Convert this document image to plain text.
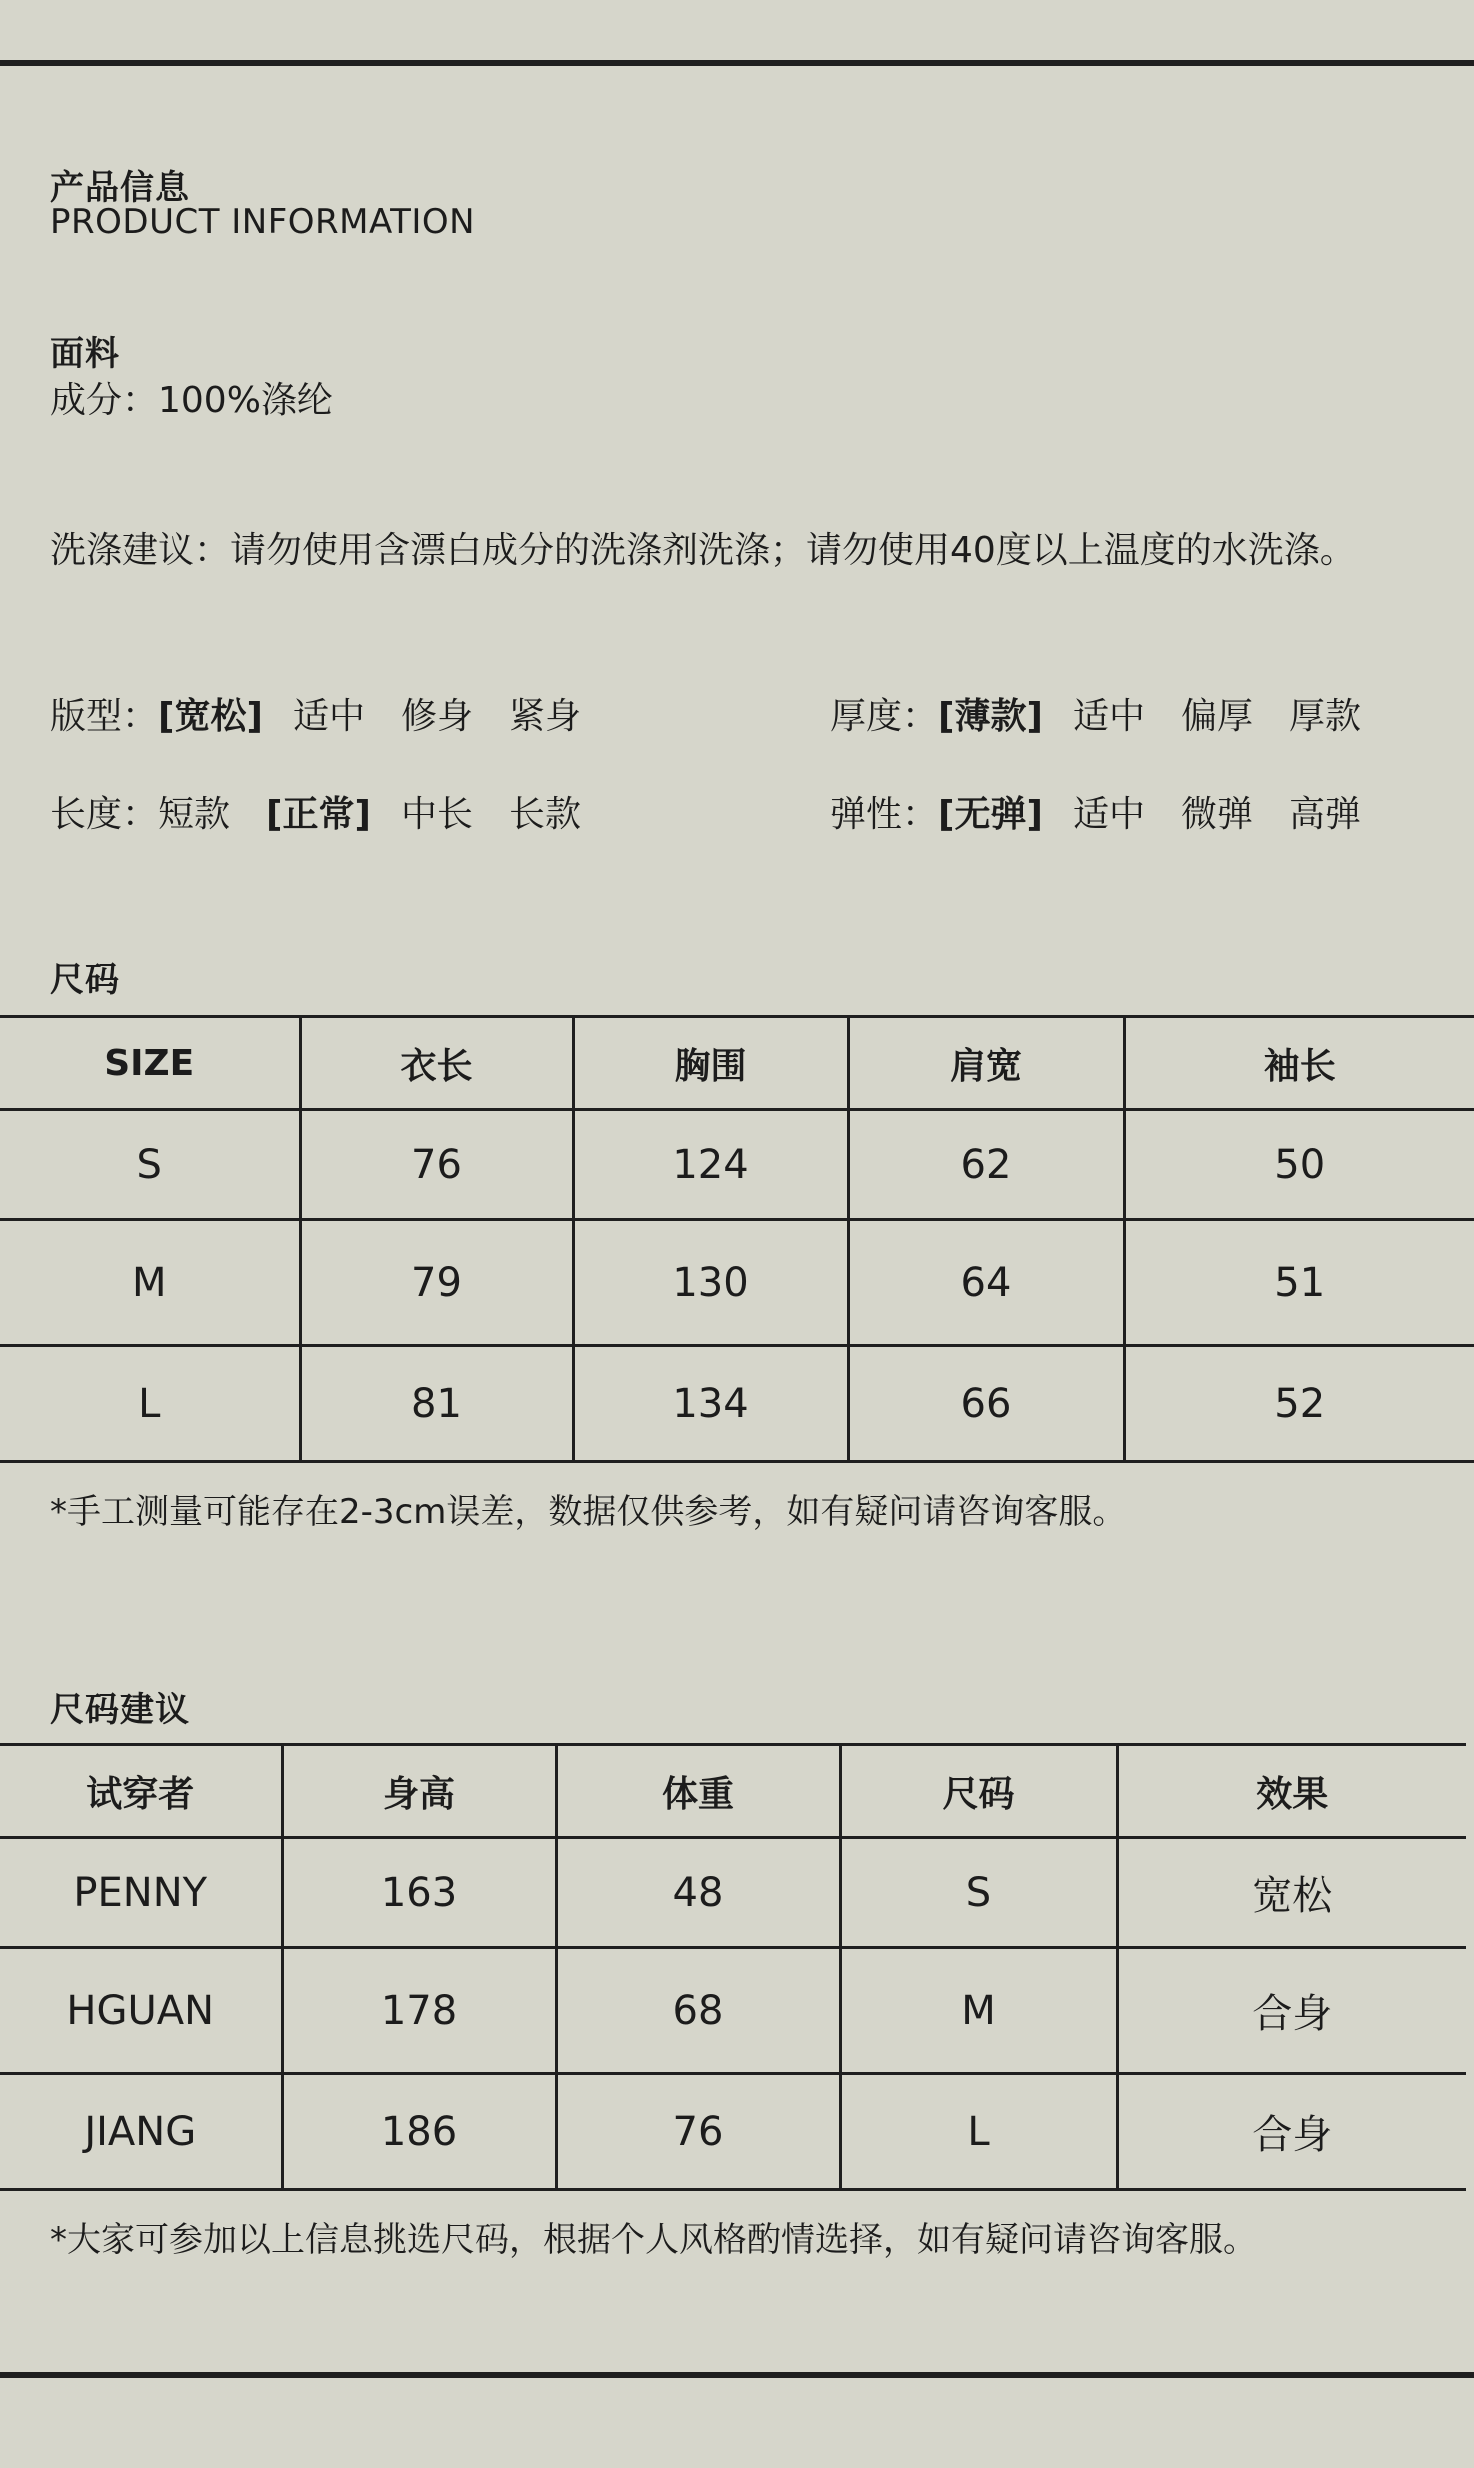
产品信息
PRODUCT INFORMATION
面料
成分：100%涤纶
洗涤建议：请勿使用含漂白成分的洗涤剂洗涤；请勿使用40度以上温度的水洗涤。
版型： [宽松] 适中 修身 紧身	厚度： [薄款] 适中 偏厚 厚款
长度： 短款 [正常] 中长 长款	弹性： [无弹] 适中 微弹 高弹
尺码
SIZE	衣长	胸围	肩宽	袖长
S	76	124	62	50
M	79	130	64	51
L	81	134	66	52
*手工测量可能存在2-3cm误差，数据仅供参考，如有疑问请咨询客服。
尺码建议
试穿者	身高	体重	尺码	效果
PENNY	163	48	S	宽松
HGUAN	178	68	M	合身
JIANG	186	76	L	合身
*大家可参加以上信息挑选尺码，根据个人风格酌情选择，如有疑问请咨询客服。
